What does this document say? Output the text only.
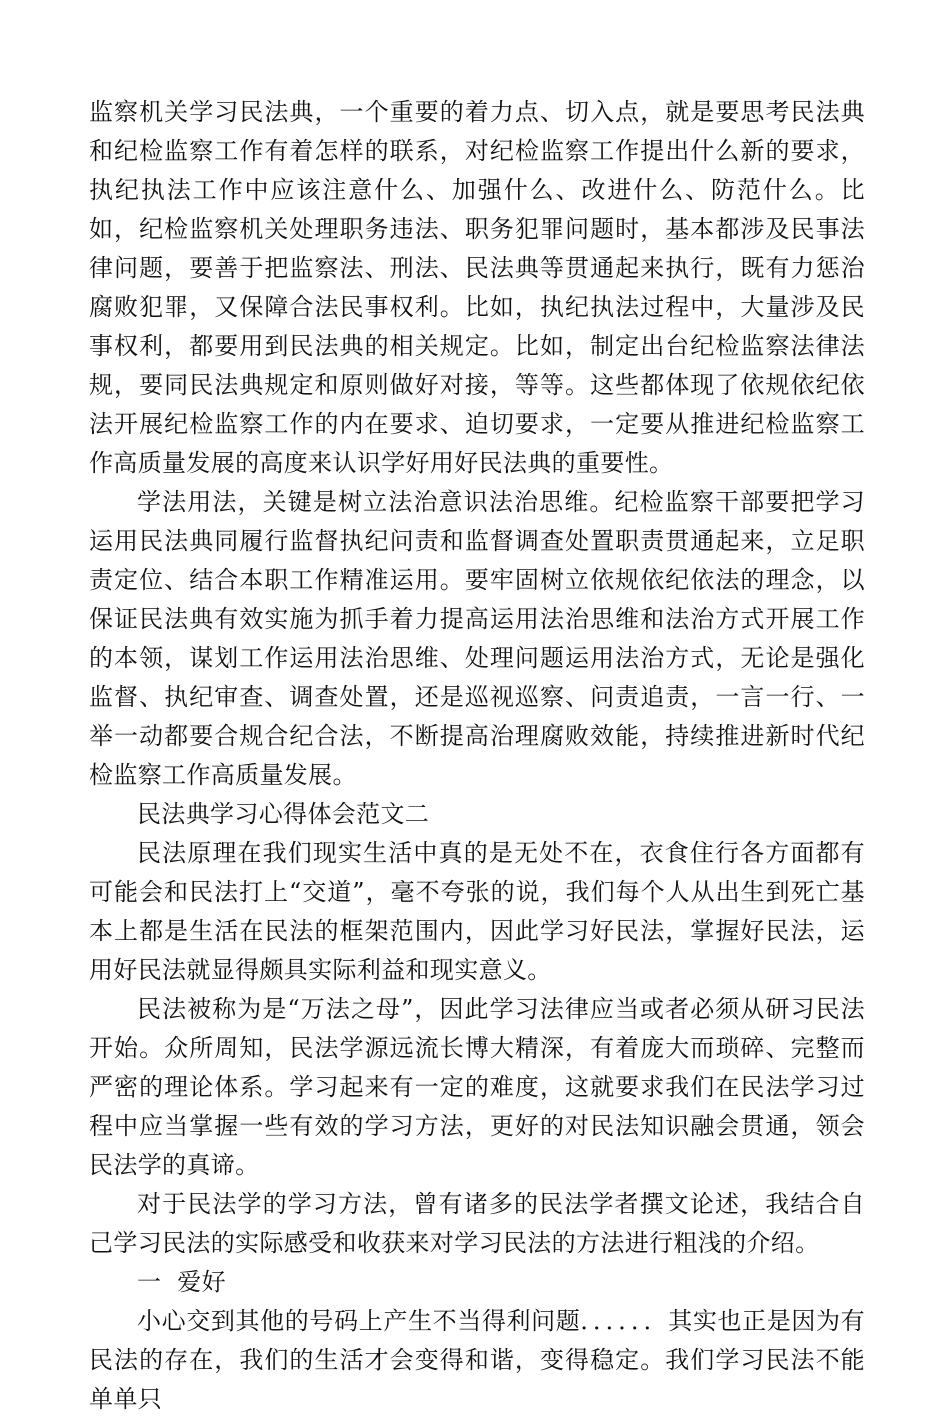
监察机关学习民法典，一个重要的着力点、切入点，就是要思考民法典和纪检监察工作有着怎样的联系，对纪检监察工作提出什么新的要求，执纪执法工作中应该注意什么、加强什么、改进什么、防范什么。比如，纪检监察机关处理职务违法、职务犯罪问题时，基本都涉及民事法律问题，要善于把监察法、刑法、民法典等贯通起来执行，既有力惩治腐败犯罪，又保障合法民事权利。比如，执纪执法过程中，大量涉及民事权利，都要用到民法典的相关规定。比如，制定出台纪检监察法律法规，要同民法典规定和原则做好对接，等等。这些都体现了依规依纪依法开展纪检监察工作的内在要求、迫切要求，一定要从推进纪检监察工作高质量发展的高度来认识学好用好民法典的重要性。

学法用法，关键是树立法治意识法治思维。纪检监察干部要把学习运用民法典同履行监督执纪问责和监督调查处置职责贯通起来，立足职责定位、结合本职工作精准运用。要牢固树立依规依纪依法的理念，以保证民法典有效实施为抓手着力提高运用法治思维和法治方式开展工作的本领，谋划工作运用法治思维、处理问题运用法治方式，无论是强化监督、执纪审查、调查处置，还是巡视巡察、问责追责，一言一行、一举一动都要合规合纪合法，不断提高治理腐败效能，持续推进新时代纪检监察工作高质量发展。

民法典学习心得体会范文二

民法原理在我们现实生活中真的是无处不在，衣食住行各方面都有可能会和民法打上“交道”，毫不夸张的说，我们每个人从出生到死亡基本上都是生活在民法的框架范围内，因此学习好民法，掌握好民法，运用好民法就显得颇具实际利益和现实意义。

民法被称为是“万法之母”，因此学习法律应当或者必须从研习民法开始。众所周知，民法学源远流长博大精深，有着庞大而琐碎、完整而严密的理论体系。学习起来有一定的难度，这就要求我们在民法学习过程中应当掌握一些有效的学习方法，更好的对民法知识融会贯通，领会民法学的真谛。

对于民法学的学习方法，曾有诸多的民法学者撰文论述，我结合自己学习民法的实际感受和收获来对学习民法的方法进行粗浅的介绍。

一  爱好

小心交到其他的号码上产生不当得利问题．．．．．．其实也正是因为有民法的存在，我们的生活才会变得和谐，变得稳定。我们学习民法不能单单只
